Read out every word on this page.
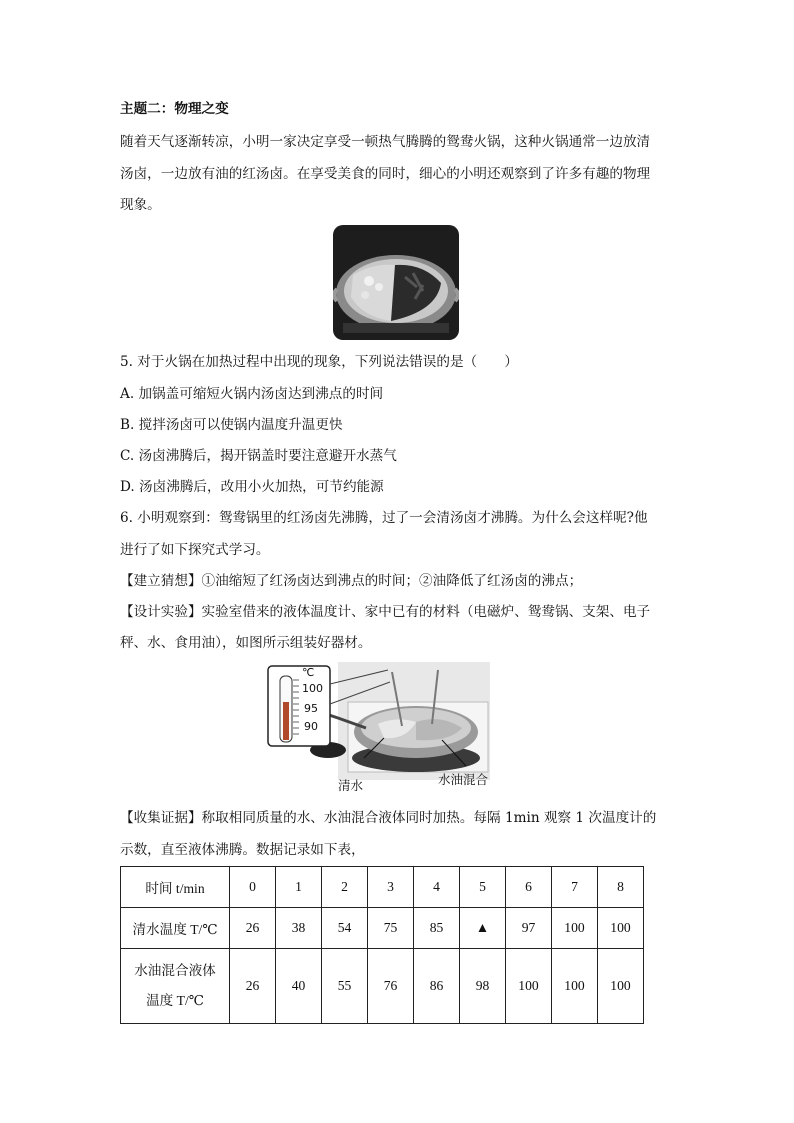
主题二：物理之变
随着天气逐渐转凉，小明一家决定享受一顿热气腾腾的鸳鸯火锅，这种火锅通常一边放清
汤卤，一边放有油的红汤卤。在享受美食的同时，细心的小明还观察到了许多有趣的物理
现象。
5. 对于火锅在加热过程中出现的现象，下列说法错误的是（　　）
A. 加锅盖可缩短火锅内汤卤达到沸点的时间
B. 搅拌汤卤可以使锅内温度升温更快
C. 汤卤沸腾后，揭开锅盖时要注意避开水蒸气
D. 汤卤沸腾后，改用小火加热，可节约能源
6. 小明观察到：鸳鸯锅里的红汤卤先沸腾，过了一会清汤卤才沸腾。为什么会这样呢?他
进行了如下探究式学习。
【建立猜想】①油缩短了红汤卤达到沸点的时间；②油降低了红汤卤的沸点；
【设计实验】实验室借来的液体温度计、家中已有的材料（电磁炉、鸳鸯锅、支架、电子
秤、水、食用油），如图所示组装好器材。
℃
100
95
90
清水	水油混合
【收集证据】称取相同质量的水、水油混合液体同时加热。每隔 1min 观察 1 次温度计的
示数，直至液体沸腾。数据记录如下表，
时间 t/min	0	1	2	3	4	5	6	7	8
清水温度 T/℃	26	38	54	75	85	▲	97	100	100

水油混合液体
温度 T/℃	26	40	55	76	86	98	100	100	100
